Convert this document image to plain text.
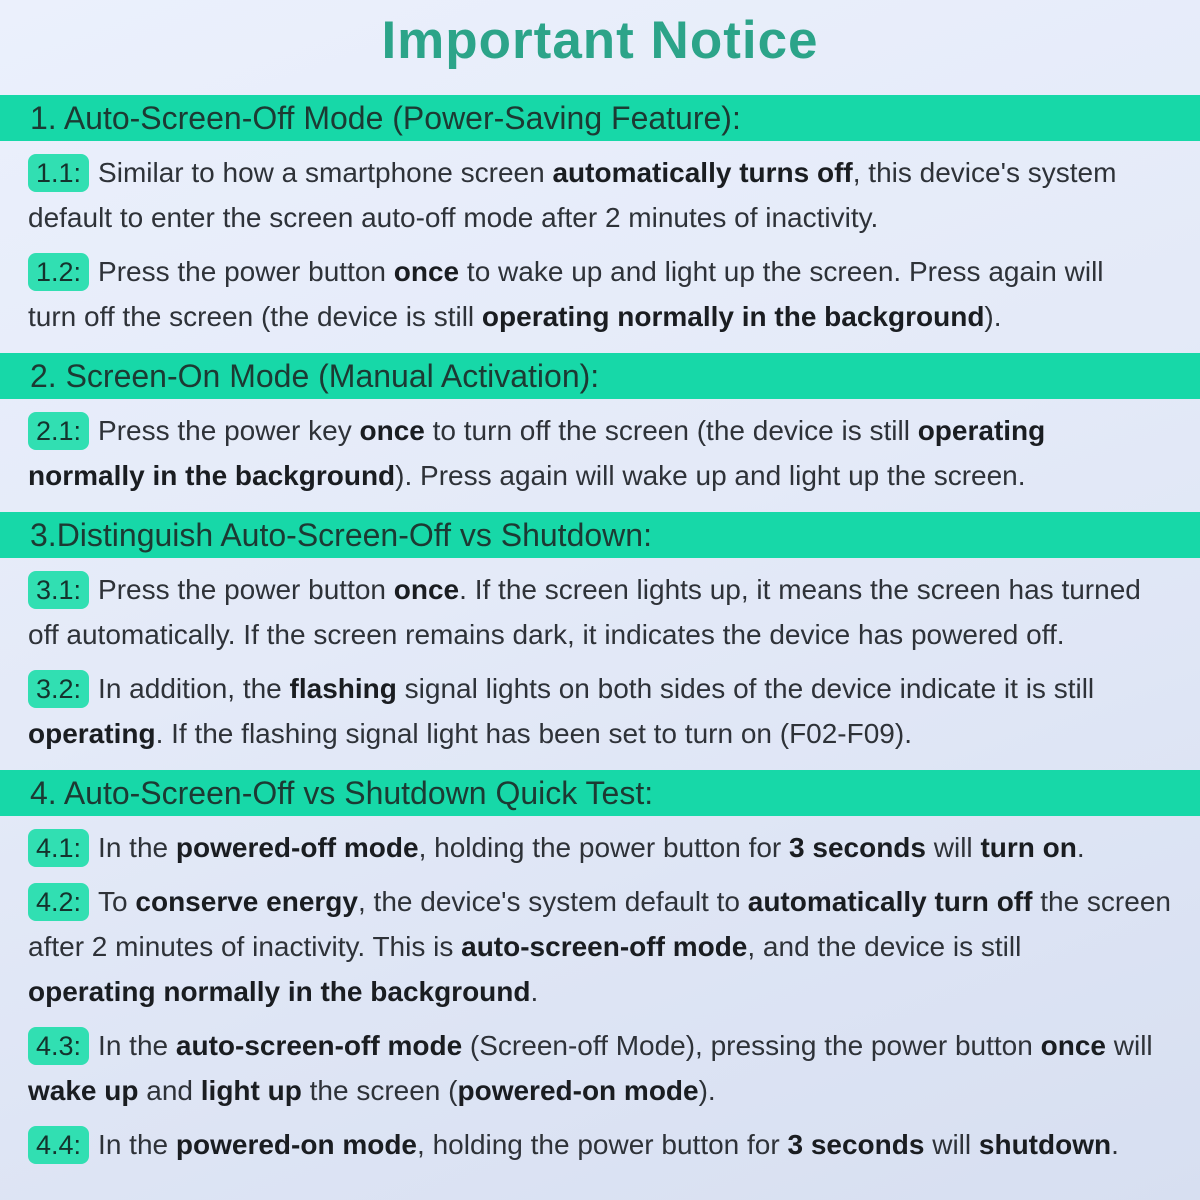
Important Notice
1. Auto-Screen-Off Mode (Power-Saving Feature):

1.1: Similar to how a smartphone screen automatically turns off, this device's system
default to enter the screen auto-off mode after 2 minutes of inactivity.

1.2: Press the power button once to wake up and light up the screen. Press again will
turn off the screen (the device is still operating normally in the background).

2. Screen-On Mode (Manual Activation):

2.1: Press the power key once to turn off the screen (the device is still operating
normally in the background). Press again will wake up and light up the screen.

3.Distinguish Auto-Screen-Off vs Shutdown:

3.1: Press the power button once. If the screen lights up, it means the screen has turned
off automatically. If the screen remains dark, it indicates the device has powered off.

3.2: In addition, the flashing signal lights on both sides of the device indicate it is still
operating. If the flashing signal light has been set to turn on (F02-F09).

4. Auto-Screen-Off vs Shutdown Quick Test:

4.1: In the powered-off mode, holding the power button for 3 seconds will turn on.

4.2: To conserve energy, the device's system default to automatically turn off the screen
after 2 minutes of inactivity. This is auto-screen-off mode, and the device is still
operating normally in the background.

4.3: In the auto-screen-off mode (Screen-off Mode), pressing the power button once will
wake up and light up the screen (powered-on mode).

4.4: In the powered-on mode, holding the power button for 3 seconds will shutdown.
